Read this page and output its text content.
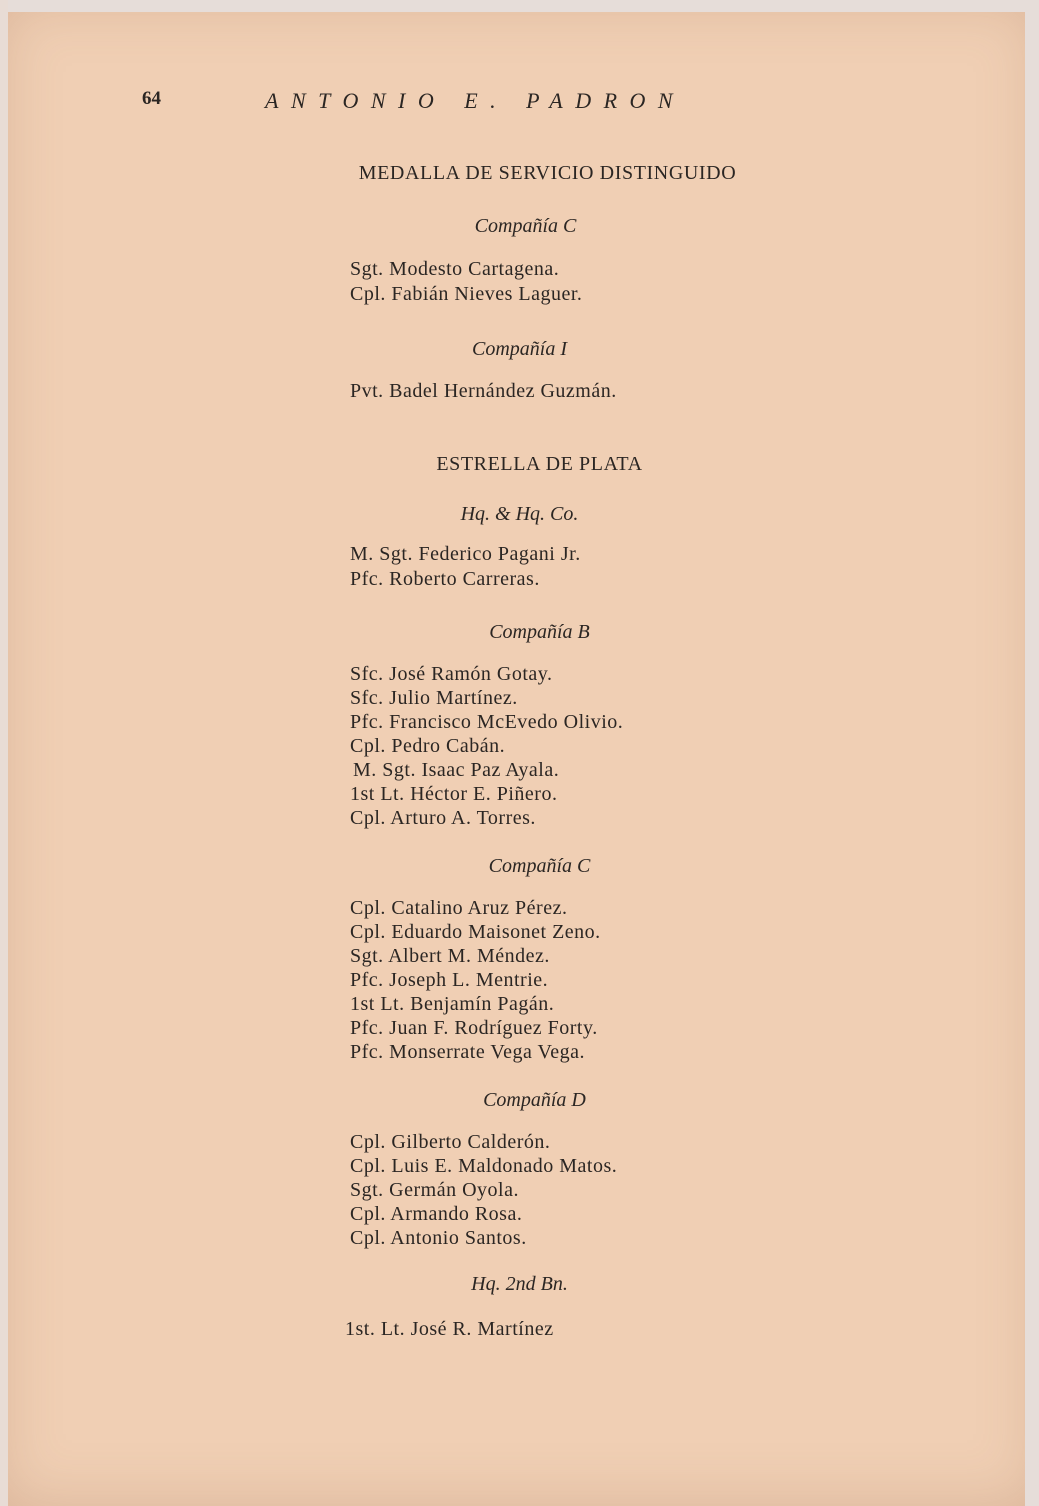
64	ANTONIO E. PADRON
MEDALLA DE SERVICIO DISTINGUIDO
Compañía C
Compañía I
ESTRELLA DE PLATA
Hq. & Hq. Co.
Compañía B
Compañía C
Compañía D
Hq. 2nd Bn.
Sgt. Modesto Cartagena.
Cpl. Fabián Nieves Laguer.
Pvt. Badel Hernández Guzmán.
M. Sgt. Federico Pagani Jr.
Pfc. Roberto Carreras.
Sfc. José Ramón Gotay.
Sfc. Julio Martínez.
Pfc. Francisco McEvedo Olivio.
Cpl. Pedro Cabán.
M. Sgt. Isaac Paz Ayala.
1st Lt. Héctor E. Piñero.
Cpl. Arturo A. Torres.
Cpl. Catalino Aruz Pérez.
Cpl. Eduardo Maisonet Zeno.
Sgt. Albert M. Méndez.
Pfc. Joseph L. Mentrie.
1st Lt. Benjamín Pagán.
Pfc. Juan F. Rodríguez Forty.
Pfc. Monserrate Vega Vega.
Cpl. Gilberto Calderón.
Cpl. Luis E. Maldonado Matos.
Sgt. Germán Oyola.
Cpl. Armando Rosa.
Cpl. Antonio Santos.
1st. Lt. José R. Martínez
